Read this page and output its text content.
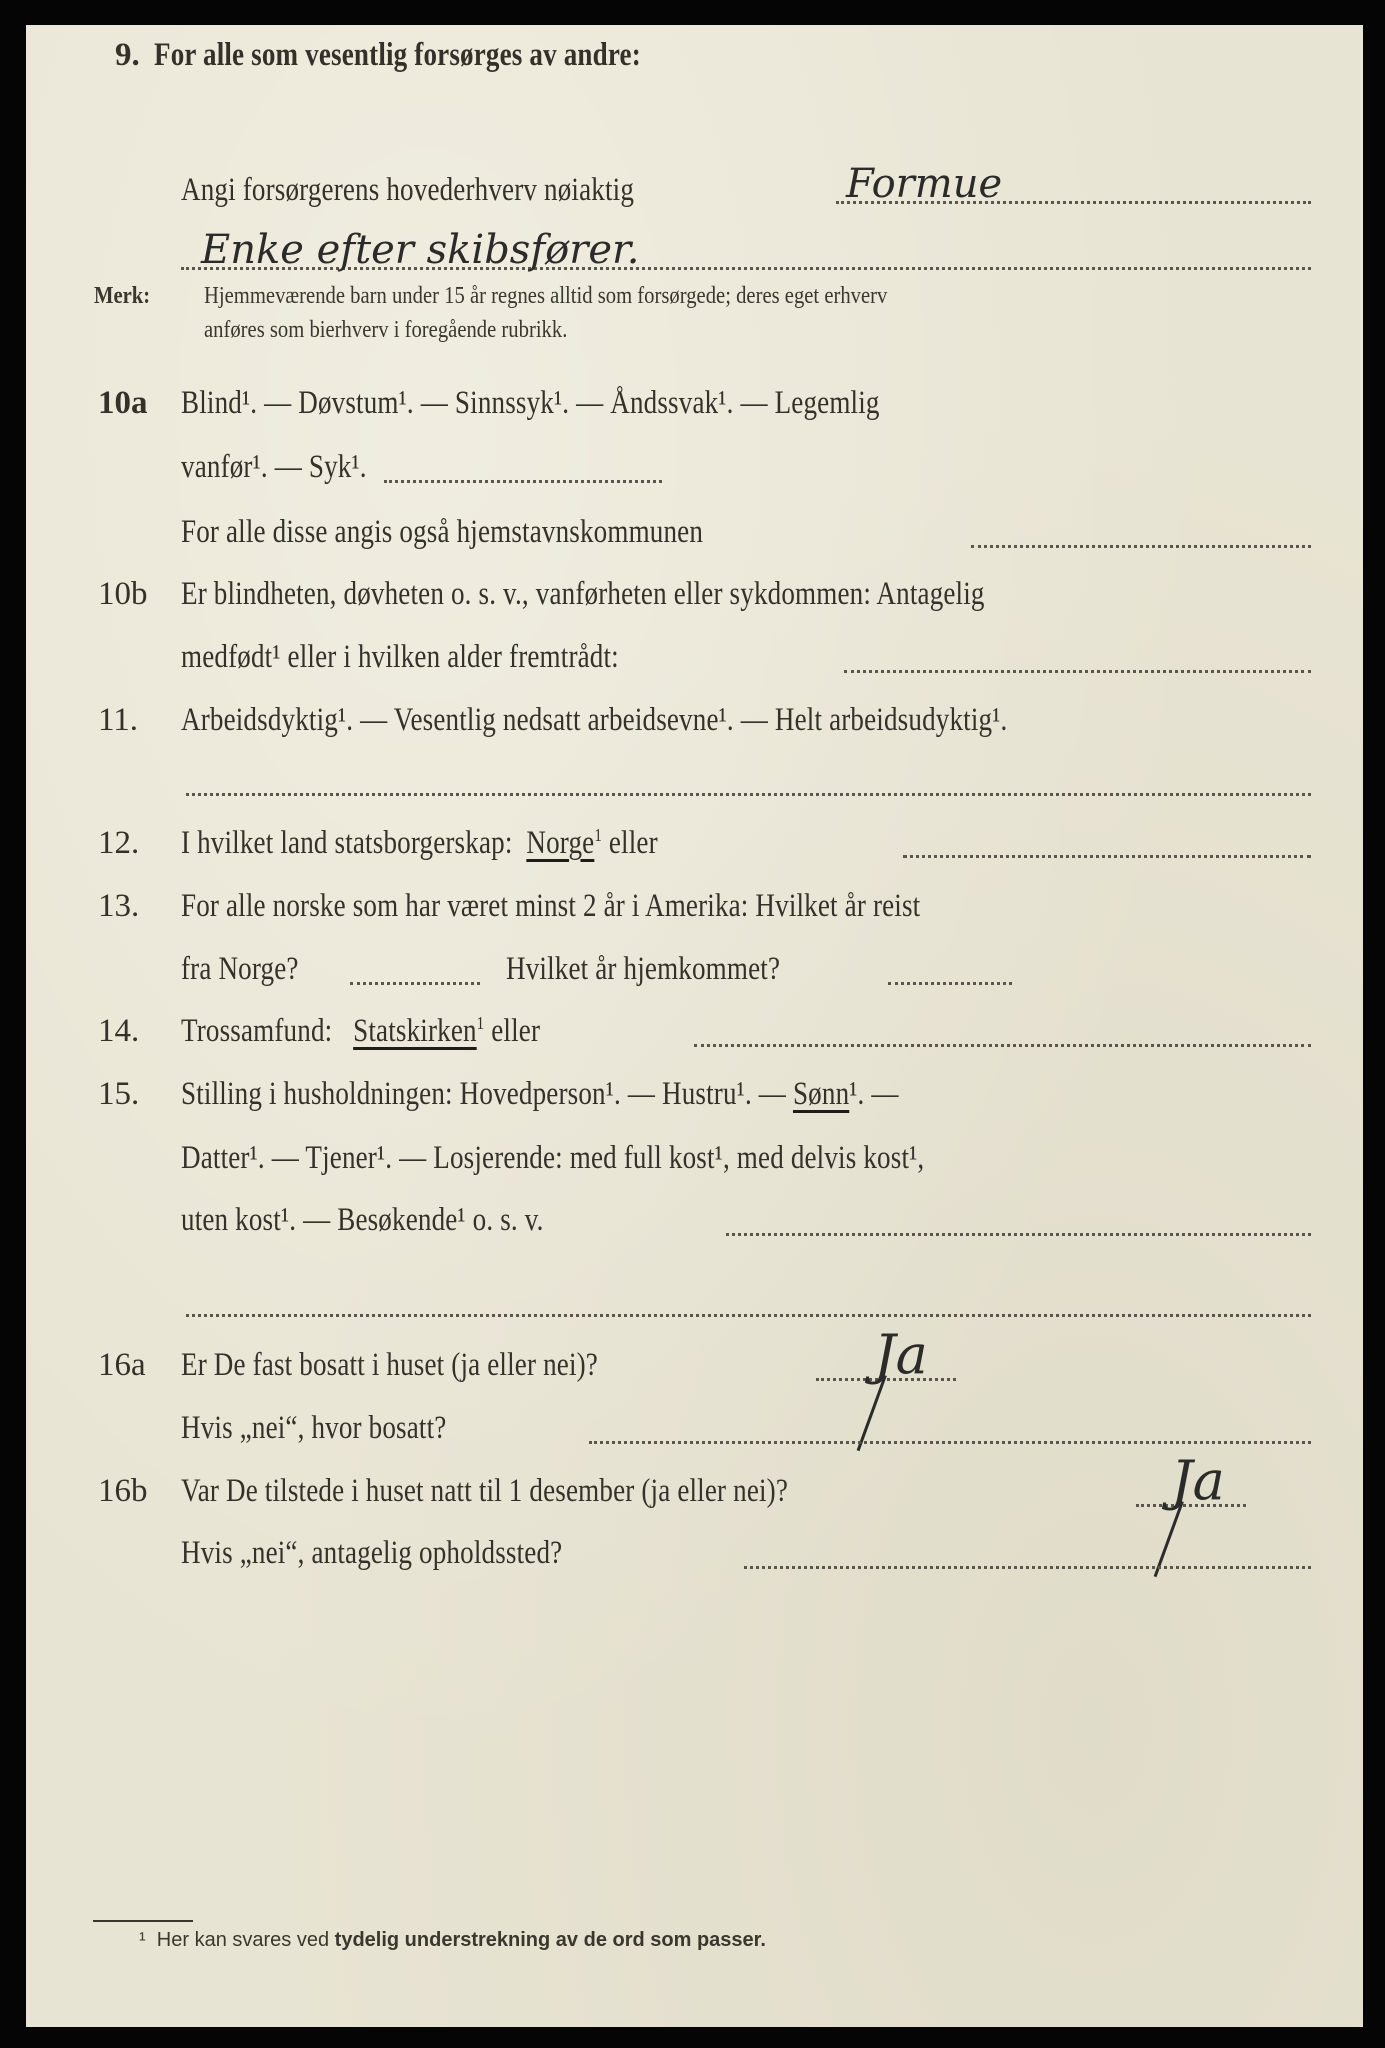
9. For alle som vesentlig forsørges av andre:
Angi forsørgerens hovederhverv nøiaktig	Formue
Enke efter skibsfører.
Merk: Hjemmeværende barn under 15 år regnes alltid som forsørgede; deres eget erhverv
anføres som bierhverv i foregående rubrikk.
10a Blind¹. — Døvstum¹. — Sinnssyk¹. — Åndssvak¹. — Legemlig
vanfør¹. — Syk¹.
For alle disse angis også hjemstavnskommunen
10b Er blindheten, døvheten o. s. v., vanførheten eller sykdommen: Antagelig
medfødt¹ eller i hvilken alder fremtrådt:
11. Arbeidsdyktig¹. — Vesentlig nedsatt arbeidsevne¹. — Helt arbeidsudyktig¹.
12. I hvilket land statsborgerskap: Norge$^1$ eller
13. For alle norske som har været minst 2 år i Amerika: Hvilket år reist
fra Norge?	Hvilket år hjemkommet?
14. Trossamfund: Statskirken$^1$ eller
15. Stilling i husholdningen: Hovedperson¹. — Hustru¹. — Sønn¹. —
Datter¹. — Tjener¹. — Losjerende: med full kost¹, med delvis kost¹,
uten kost¹. — Besøkende¹ o. s. v.
16a Er De fast bosatt i huset (ja eller nei)?	Ja
Hvis „nei“, hvor bosatt?
16b Var De tilstede i huset natt til 1 desember (ja eller nei)?	Ja
Hvis „nei“, antagelig opholdssted?
¹ Her kan svares ved tydelig understrekning av de ord som passer.
